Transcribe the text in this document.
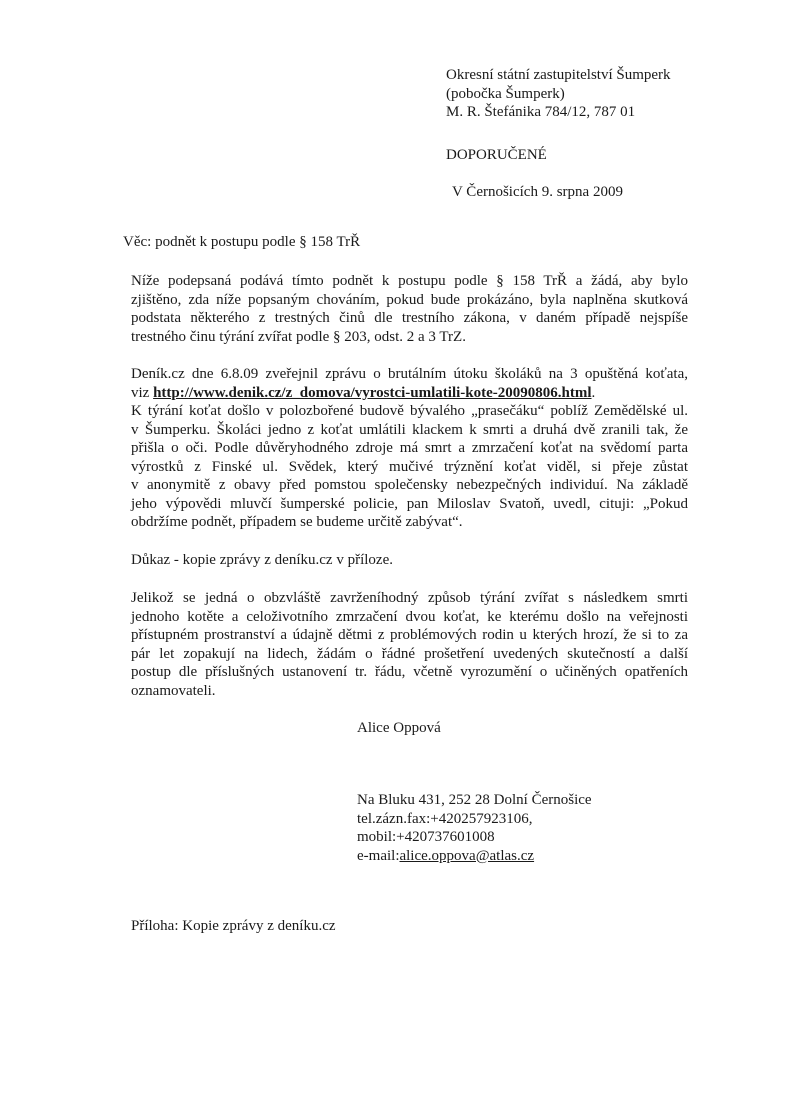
Okresní státní zastupitelství Šumperk
(pobočka Šumperk)
M. R. Štefánika 784/12, 787 01
DOPORUČENÉ
V Černošicích 9. srpna 2009
Věc: podnět k postupu podle § 158 TrŘ
Níže podepsaná podává tímto podnět k postupu podle § 158 TrŘ a žádá, aby bylo
zjištěno, zda níže popsaným chováním, pokud bude prokázáno, byla naplněna skutková
podstata některého z trestných činů dle trestního zákona, v daném případě nejspíše
trestného činu týrání zvířat podle § 203, odst. 2 a 3 TrZ.
Deník.cz dne 6.8.09 zveřejnil zprávu o brutálním útoku školáků na 3 opuštěná koťata,
viz http://www.denik.cz/z_domova/vyrostci-umlatili-kote-20090806.html.
K týrání koťat došlo v polozbořené budově bývalého „prasečáku“ poblíž Zemědělské ul.
v Šumperku. Školáci jedno z koťat umlátili klackem k smrti a druhá dvě zranili tak, že
přišla o oči. Podle důvěryhodného zdroje má smrt a zmrzačení koťat na svědomí parta
výrostků z Finské ul. Svědek, který mučivé trýznění koťat viděl, si přeje zůstat
v anonymitě z obavy před pomstou společensky nebezpečných individuí. Na základě
jeho výpovědi mluvčí šumperské policie, pan Miloslav Svatoň, uvedl, cituji: „Pokud
obdržíme podnět, případem se budeme určitě zabývat“.
Důkaz - kopie zprávy z deníku.cz v příloze.
Jelikož se jedná o obzvláště zavrženíhodný způsob týrání zvířat s následkem smrti
jednoho kotěte a celoživotního zmrzačení dvou koťat, ke kterému došlo na veřejnosti
přístupném prostranství a údajně dětmi z problémových rodin u kterých hrozí, že si to za
pár let zopakují na lidech, žádám o řádné prošetření uvedených skutečností a další
postup dle příslušných ustanovení tr. řádu, včetně vyrozumění o učiněných opatřeních
oznamovateli.
Alice Oppová
Na Bluku 431, 252 28 Dolní Černošice
tel.zázn.fax:+420257923106,
mobil:+420737601008
e-mail:alice.oppova@atlas.cz
Příloha: Kopie zprávy z deníku.cz
